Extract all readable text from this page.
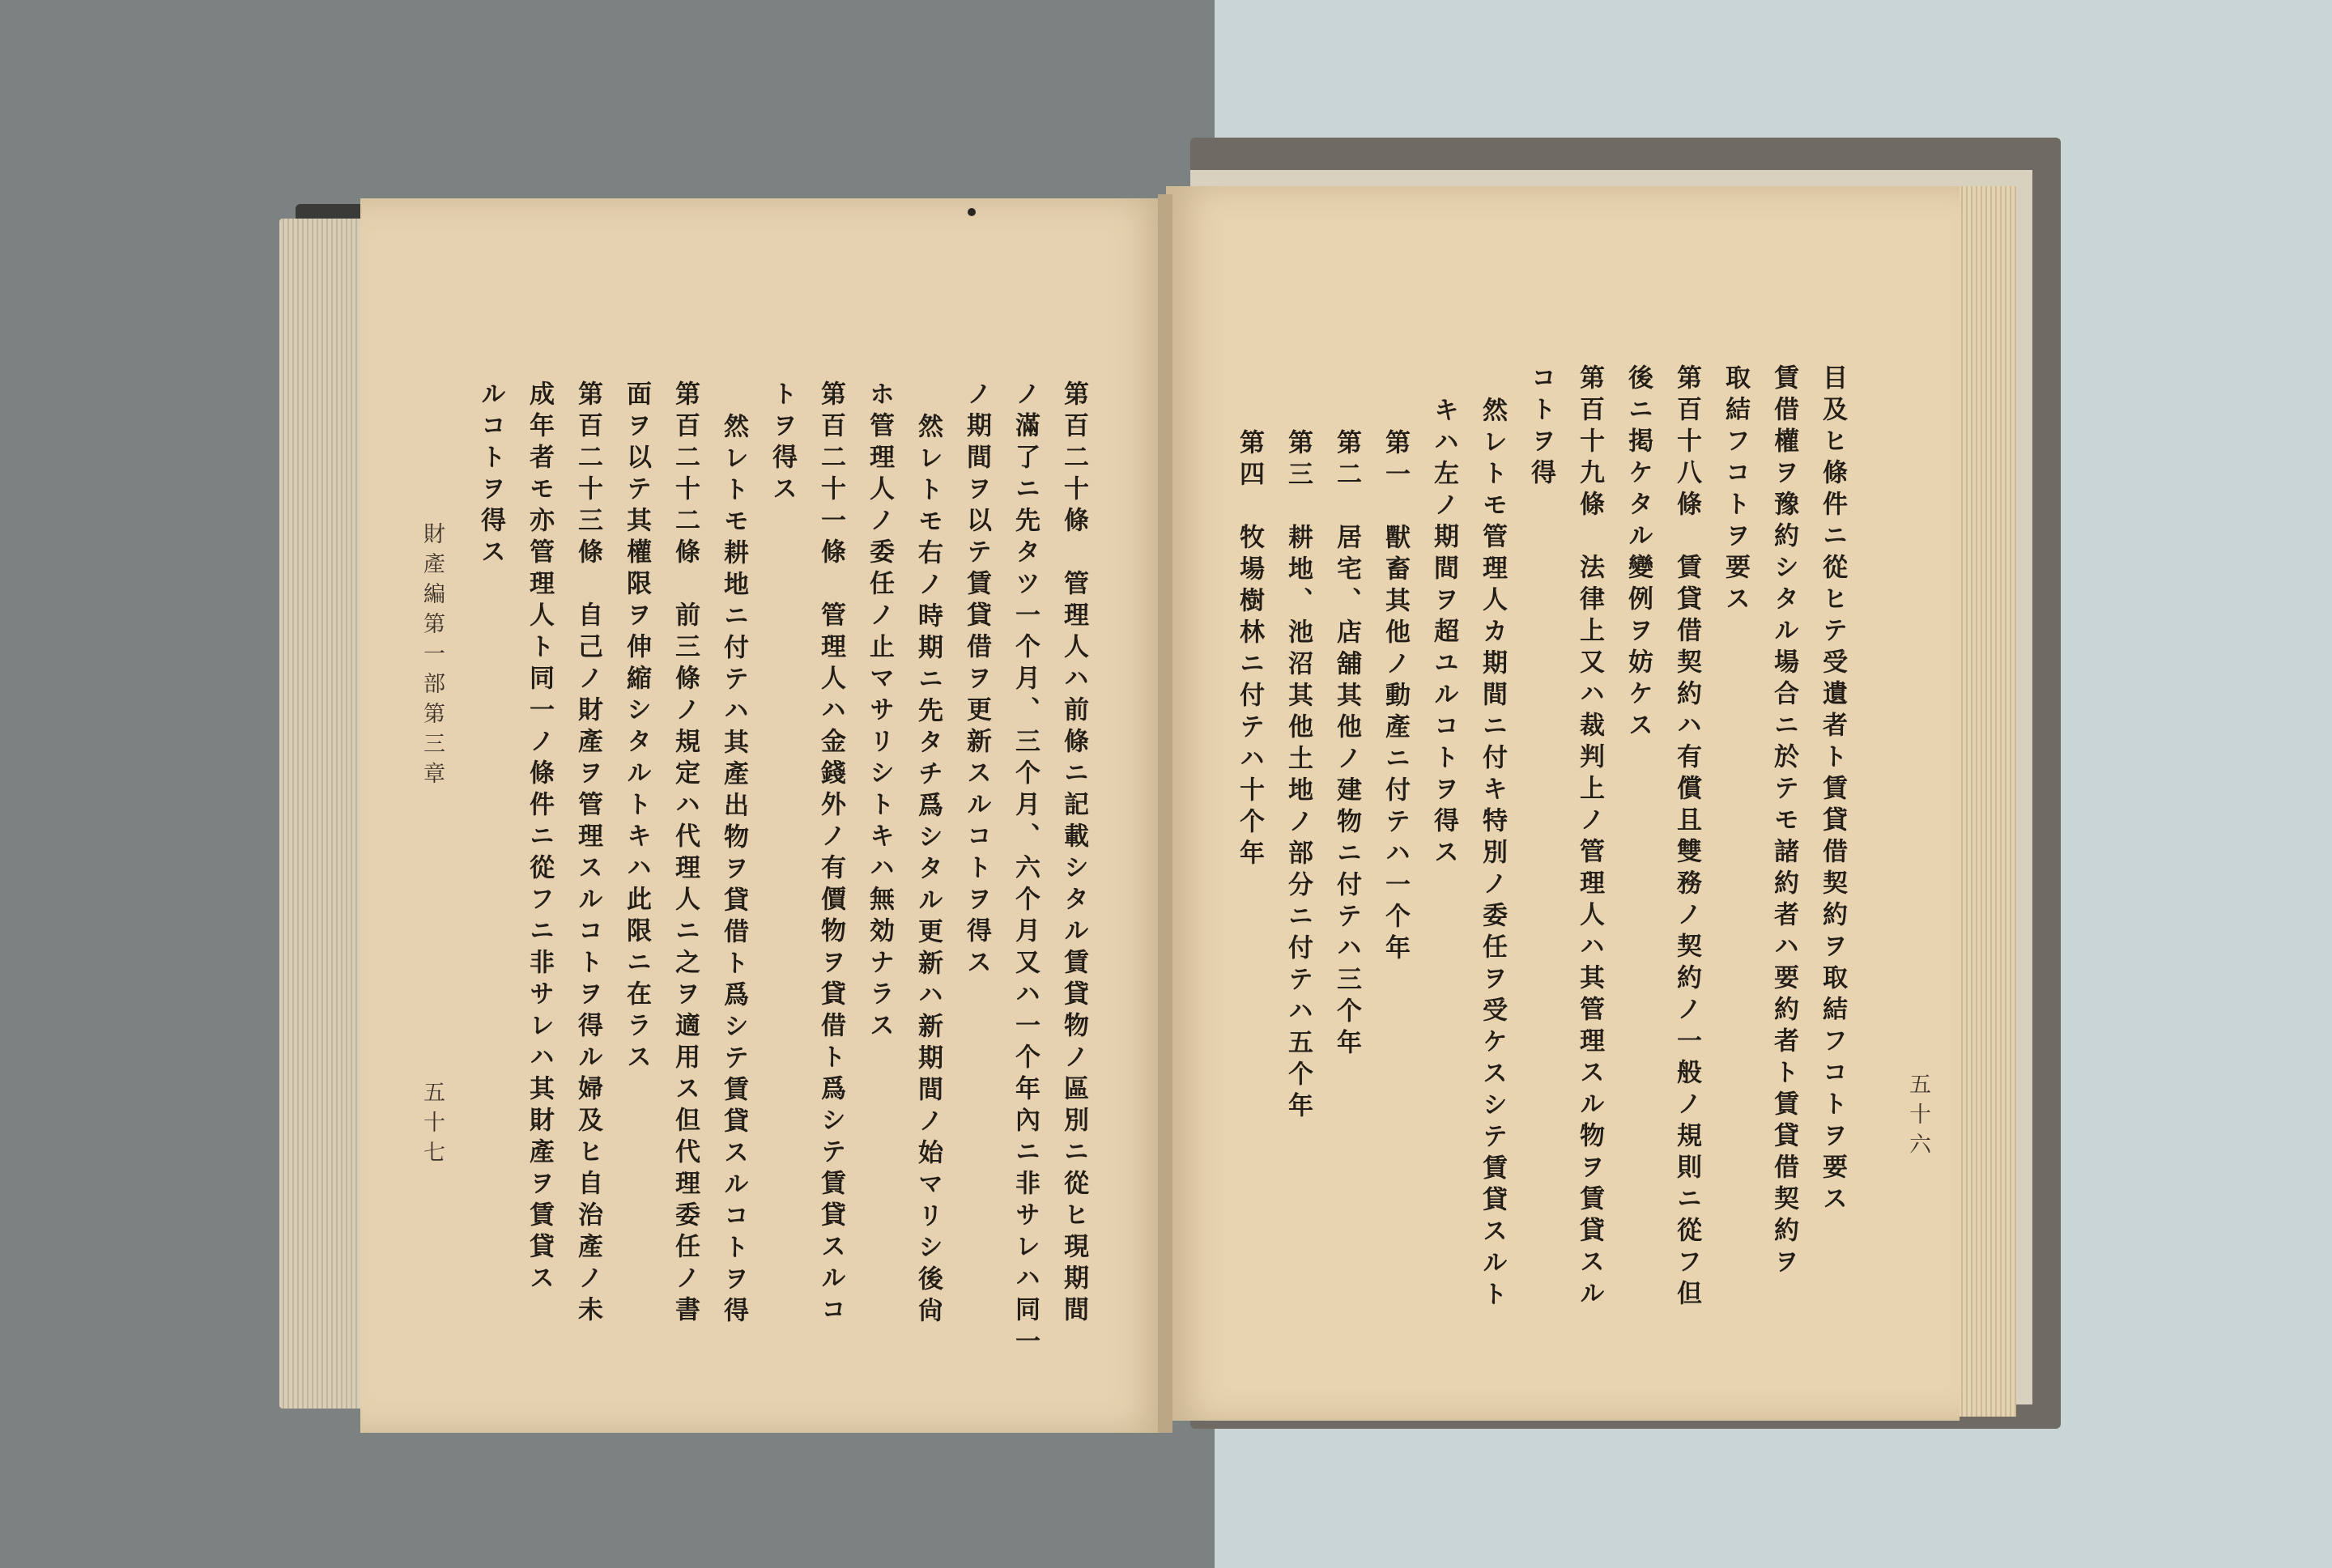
五十六
目及ヒ條件ニ從ヒテ受遺者ト賃貸借契約ヲ取結フコトヲ要ス
賃借權ヲ豫約シタル場合ニ於テモ諸約者ハ要約者ト賃貸借契約ヲ
取結フコトヲ要ス
第百十八條　賃貸借契約ハ有償且雙務ノ契約ノ一般ノ規則ニ從フ但
後ニ掲ケタル變例ヲ妨ケス
第百十九條　法律上又ハ裁判上ノ管理人ハ其管理スル物ヲ賃貸スル
コトヲ得
然レトモ管理人カ期間ニ付キ特別ノ委任ヲ受ケスシテ賃貸スルト
キハ左ノ期間ヲ超ユルコトヲ得ス
第一　獸畜其他ノ動產ニ付テハ一个年
第二　居宅、店舖其他ノ建物ニ付テハ三个年
第三　耕地、池沼其他土地ノ部分ニ付テハ五个年
第四　牧場樹林ニ付テハ十个年
第百二十條　管理人ハ前條ニ記載シタル賃貸物ノ區別ニ從ヒ現期間
ノ滿了ニ先タツ一个月、三个月、六个月又ハ一个年內ニ非サレハ同一
ノ期間ヲ以テ賃貸借ヲ更新スルコトヲ得ス
然レトモ右ノ時期ニ先タチ爲シタル更新ハ新期間ノ始マリシ後尙
ホ管理人ノ委任ノ止マサリシトキハ無効ナラス
第百二十一條　管理人ハ金錢外ノ有價物ヲ貸借ト爲シテ賃貸スルコ
トヲ得ス
然レトモ耕地ニ付テハ其產出物ヲ貸借ト爲シテ賃貸スルコトヲ得
第百二十二條　前三條ノ規定ハ代理人ニ之ヲ適用ス但代理委任ノ書
面ヲ以テ其權限ヲ伸縮シタルトキハ此限ニ在ラス
第百二十三條　自己ノ財產ヲ管理スルコトヲ得ル婦及ヒ自治產ノ未
成年者モ亦管理人ト同一ノ條件ニ從フニ非サレハ其財產ヲ賃貸ス
ルコトヲ得ス
財產編第一部第三章
五十七
